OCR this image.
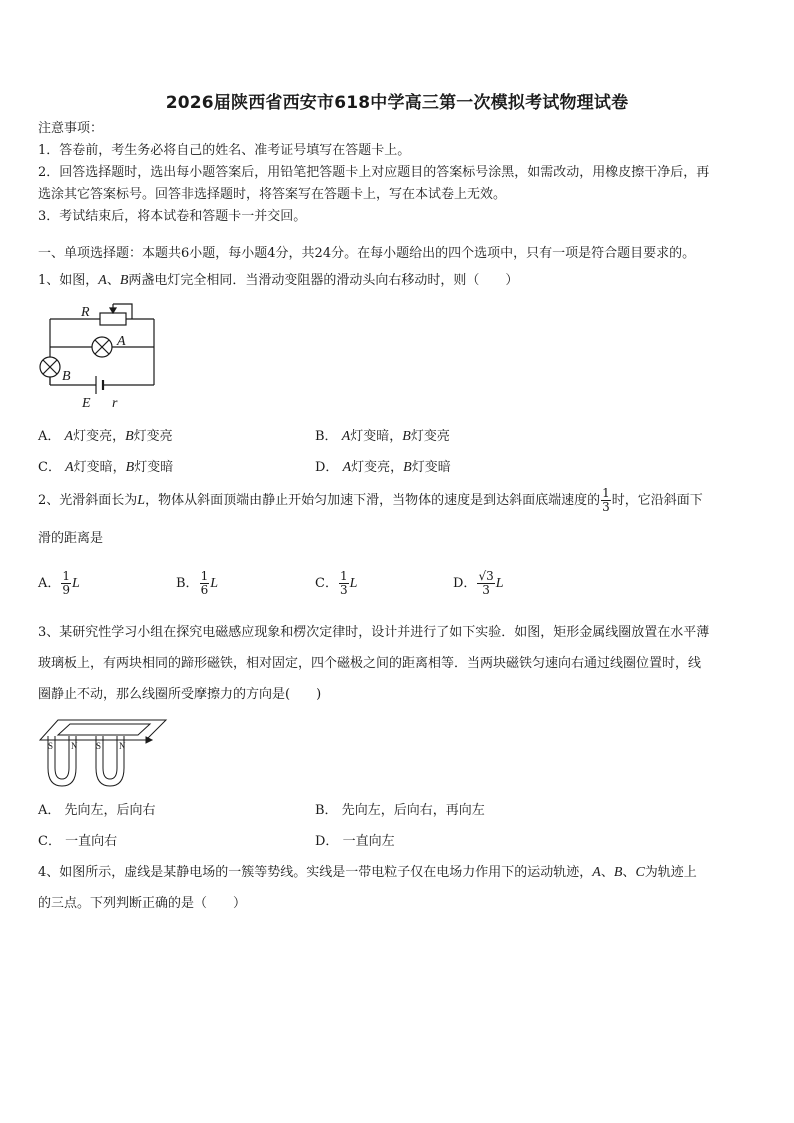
2026届陕西省西安市618中学高三第一次模拟考试物理试卷
注意事项：
1．答卷前，考生务必将自己的姓名、准考证号填写在答题卡上。
2．回答选择题时，选出每小题答案后，用铅笔把答题卡上对应题目的答案标号涂黑，如需改动，用橡皮擦干净后，再
选涂其它答案标号。回答非选择题时，将答案写在答题卡上，写在本试卷上无效。
3．考试结束后，将本试卷和答题卡一并交回。
一、单项选择题：本题共6小题，每小题4分，共24分。在每小题给出的四个选项中，只有一项是符合题目要求的。
1、如图，A、B两盏电灯完全相同．当滑动变阻器的滑动头向右移动时，则（　　）
R
A
B
E r
A． A灯变亮，B灯变亮	B． A灯变暗，B灯变亮
C． A灯变暗，B灯变暗	D． A灯变亮，B灯变暗
2、光滑斜面长为L，物体从斜面顶端由静止开始匀加速下滑，当物体的速度是到达斜面底端速度的 $\frac{1}{3}$ 时，它沿斜面下
滑的距离是
A． $\frac{1}{9}$ L	B． $\frac{1}{6}$ L	C． $\frac{1}{3}$ L	D． $\frac{√3}{3}$ L
3、某研究性学习小组在探究电磁感应现象和楞次定律时，设计并进行了如下实验．如图，矩形金属线圈放置在水平薄
玻璃板上，有两块相同的蹄形磁铁，相对固定，四个磁极之间的距离相等．当两块磁铁匀速向右通过线圈位置时，线
圈静止不动，那么线圈所受摩擦力的方向是(　　)
S N S N
A． 先向左，后向右	B． 先向左，后向右，再向左
C． 一直向右	D． 一直向左
4、如图所示，虚线是某静电场的一簇等势线。实线是一带电粒子仅在电场力作用下的运动轨迹，A、B、C为轨迹上
的三点。下列判断正确的是（　　）
